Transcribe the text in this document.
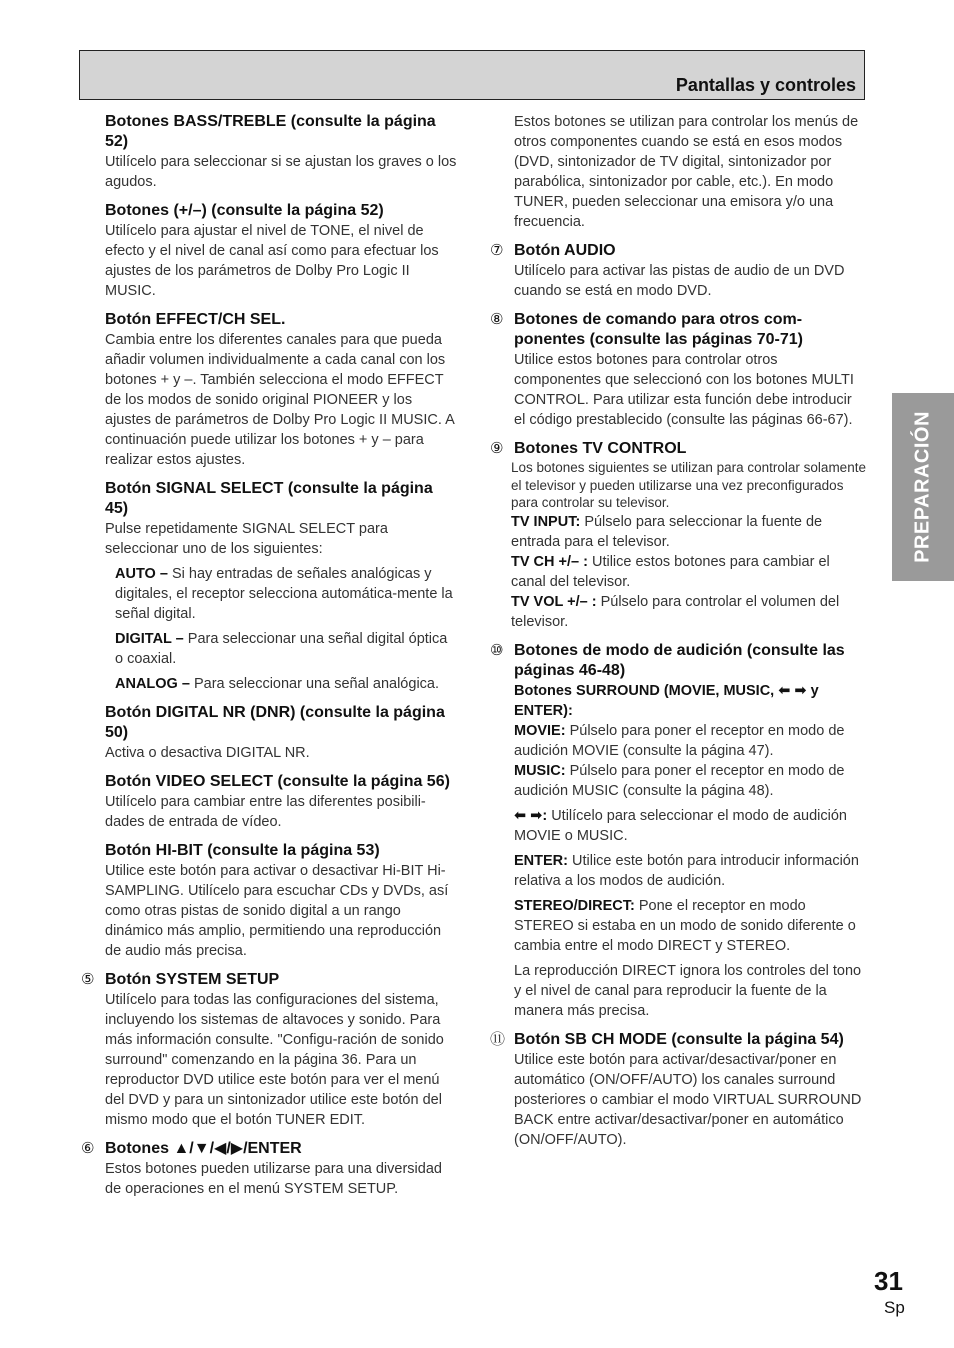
Pantallas y controles
PREPARACIÓN
Botones BASS/TREBLE (consulte la página 52)
Utilícelo para seleccionar si se ajustan los graves o los agudos.
Botones (+/–) (consulte la página 52)
Utilícelo para ajustar el nivel de TONE, el nivel de efecto y el nivel de canal así como para efectuar los ajustes de los parámetros de Dolby Pro Logic II MUSIC.
Botón EFFECT/CH SEL.
Cambia entre los diferentes canales para que pueda añadir volumen individualmente a cada canal con los botones + y –. También selecciona el modo EFFECT de los modos de sonido original PIONEER y los ajustes de parámetros de Dolby Pro Logic II MUSIC. A continuación puede utilizar los botones + y – para realizar estos ajustes.
Botón SIGNAL SELECT (consulte la página 45)
Pulse repetidamente SIGNAL SELECT para seleccionar uno de los siguientes:
AUTO – Si hay entradas de señales analógicas y digitales, el receptor selecciona automática-mente la señal digital.
DIGITAL – Para seleccionar una señal digital óptica o coaxial.
ANALOG – Para seleccionar una señal analógica.
Botón DIGITAL NR (DNR) (consulte la página 50)
Activa o desactiva DIGITAL NR.
Botón VIDEO SELECT (consulte la página 56)
Utilícelo para cambiar entre las diferentes posibili-dades de entrada de vídeo.
Botón HI-BIT (consulte la página 53)
Utilice este botón para activar o desactivar Hi-BIT Hi-SAMPLING. Utilícelo para escuchar CDs y DVDs, así como otras pistas de sonido digital a un rango dinámico más amplio, permitiendo una reproducción de audio más precisa.
⑤ Botón SYSTEM SETUP
Utilícelo para todas las configuraciones del sistema, incluyendo los sistemas de altavoces y sonido. Para más información consulte. "Configu-ración de sonido surround" comenzando en la página 36. Para un reproductor DVD utilice este botón para ver el menú del DVD y para un sintonizador utilice este botón del mismo modo que el botón TUNER EDIT.
⑥ Botones ▲/▼/◀/▶/ENTER
Estos botones pueden utilizarse para una diversidad de operaciones en el menú SYSTEM SETUP.
Estos botones se utilizan para controlar los menús de otros componentes cuando se está en esos modos (DVD, sintonizador de TV digital, sintonizador por parabólica, sintonizador por cable, etc.). En modo TUNER, pueden seleccionar una emisora y/o una frecuencia.
⑦ Botón AUDIO
Utilícelo para activar las pistas de audio de un DVD cuando se está en modo DVD.
⑧ Botones de comando para otros com-ponentes (consulte las páginas 70-71)
Utilice estos botones para controlar otros componentes que seleccionó con los botones MULTI CONTROL. Para utilizar esta función debe introducir el código prestablecido (consulte las páginas 66-67).
⑨ Botones TV CONTROL
Los botones siguientes se utilizan para controlar solamente el televisor y pueden utilizarse una vez preconfigurados para controlar su televisor.
TV INPUT: Púlselo para seleccionar la fuente de entrada para el televisor.
TV CH +/– : Utilice estos botones para cambiar el canal del televisor.
TV VOL +/– : Púlselo para controlar el volumen del televisor.
⑩ Botones de modo de audición (consulte las páginas 46-48)
Botones SURROUND (MOVIE, MUSIC, ⬅ ➡ y ENTER):
MOVIE: Púlselo para poner el receptor en modo de audición MOVIE (consulte la página 47).
MUSIC: Púlselo para poner el receptor en modo de audición MUSIC (consulte la página 48).
⬅ ➡: Utilícelo para seleccionar el modo de audición MOVIE o MUSIC.
ENTER: Utilice este botón para introducir información relativa a los modos de audición.
STEREO/DIRECT: Pone el receptor en modo STEREO si estaba en un modo de sonido diferente o cambia entre el modo DIRECT y STEREO.
La reproducción DIRECT ignora los controles del tono y el nivel de canal para reproducir la fuente de la manera más precisa.
⑪ Botón SB CH MODE (consulte la página 54)
Utilice este botón para activar/desactivar/poner en automático (ON/OFF/AUTO) los canales surround posteriores o cambiar el modo VIRTUAL SURROUND BACK entre activar/desactivar/poner en automático (ON/OFF/AUTO).
31
Sp
